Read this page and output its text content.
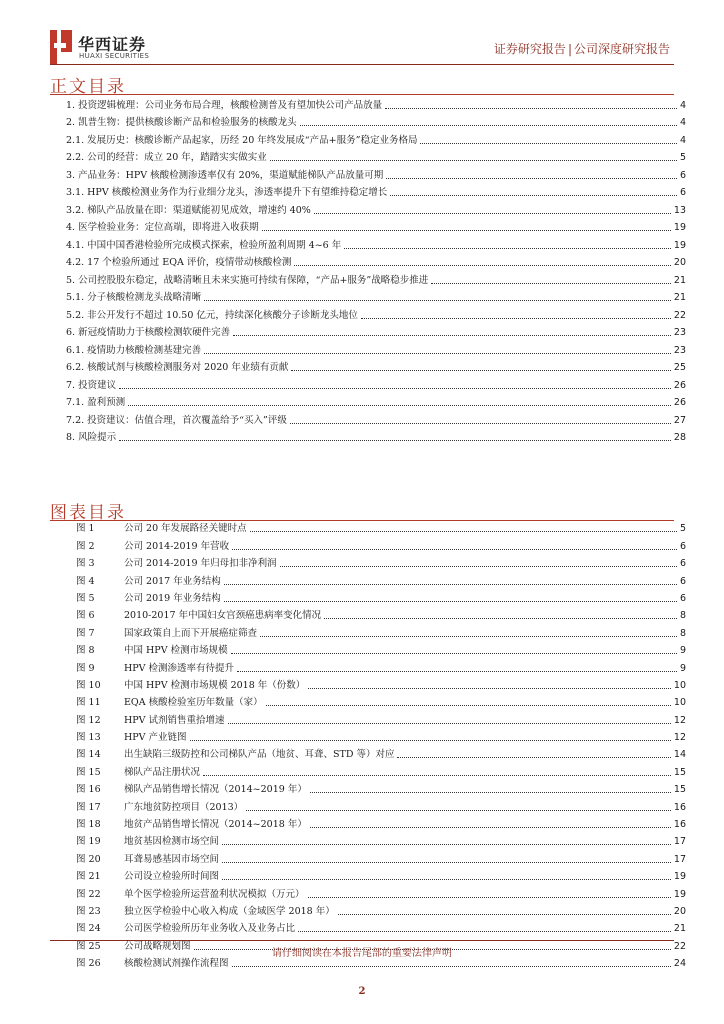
华西证券
HUAXI SECURITIES	证券研究报告 | 公司深度研究报告
正文目录
1. 投资逻辑梳理：公司业务布局合理，核酸检测普及有望加快公司产品放量	4
2. 凯普生物：提供核酸诊断产品和检验服务的核酸龙头	4
2.1. 发展历史：核酸诊断产品起家，历经 20 年终发展成“产品+服务”稳定业务格局	4
2.2. 公司的经营：成立 20 年，踏踏实实做实业	5
3. 产品业务：HPV 核酸检测渗透率仅有 20%，渠道赋能梯队产品放量可期	6
3.1. HPV 核酸检测业务作为行业细分龙头，渗透率提升下有望维持稳定增长	6
3.2. 梯队产品放量在即：渠道赋能初见成效，增速约 40%	13
4. 医学检验业务：定位高端，即将进入收获期	19
4.1. 中国中国香港检验所完成模式探索，检验所盈利周期 4~6 年	19
4.2. 17 个检验所通过 EQA 评价，疫情带动核酸检测	20
5. 公司控股股东稳定，战略清晰且未来实施可持续有保障，“产品+服务”战略稳步推进	21
5.1. 分子核酸检测龙头战略清晰	21
5.2. 非公开发行不超过 10.50 亿元，持续深化核酸分子诊断龙头地位	22
6. 新冠疫情助力于核酸检测软硬件完善	23
6.1. 疫情助力核酸检测基建完善	23
6.2. 核酸试剂与核酸检测服务对 2020 年业绩有贡献	25
7. 投资建议	26
7.1. 盈利预测	26
7.2. 投资建议：估值合理，首次覆盖给予“买入”评级	27
8. 风险提示	28
图表目录
图 1	公司 20 年发展路径关键时点	5
图 2	公司 2014-2019 年营收	6
图 3	公司 2014-2019 年归母扣非净利润	6
图 4	公司 2017 年业务结构	6
图 5	公司 2019 年业务结构	6
图 6	2010-2017 年中国妇女宫颈癌患病率变化情况	8
图 7	国家政策自上而下开展癌症筛查	8
图 8	中国 HPV 检测市场规模	9
图 9	HPV 检测渗透率有待提升	9
图 10	中国 HPV 检测市场规模 2018 年（份数）	10
图 11	EQA 核酸检验室历年数量（家）	10
图 12	HPV 试剂销售重拾增速	12
图 13	HPV 产业链图	12
图 14	出生缺陷三级防控和公司梯队产品（地贫、耳聋、STD 等）对应	14
图 15	梯队产品注册状况	15
图 16	梯队产品销售增长情况（2014~2019 年）	15
图 17	广东地贫防控项目（2013）	16
图 18	地贫产品销售增长情况（2014~2018 年）	16
图 19	地贫基因检测市场空间	17
图 20	耳聋易感基因市场空间	17
图 21	公司设立检验所时间图	19
图 22	单个医学检验所运营盈利状况模拟（万元）	19
图 23	独立医学检验中心收入构成（金域医学 2018 年）	20
图 24	公司医学检验所历年业务收入及业务占比	21
图 25	公司战略规划图	22
图 26	核酸检测试剂操作流程图	24
请仔细阅读在本报告尾部的重要法律声明
2
